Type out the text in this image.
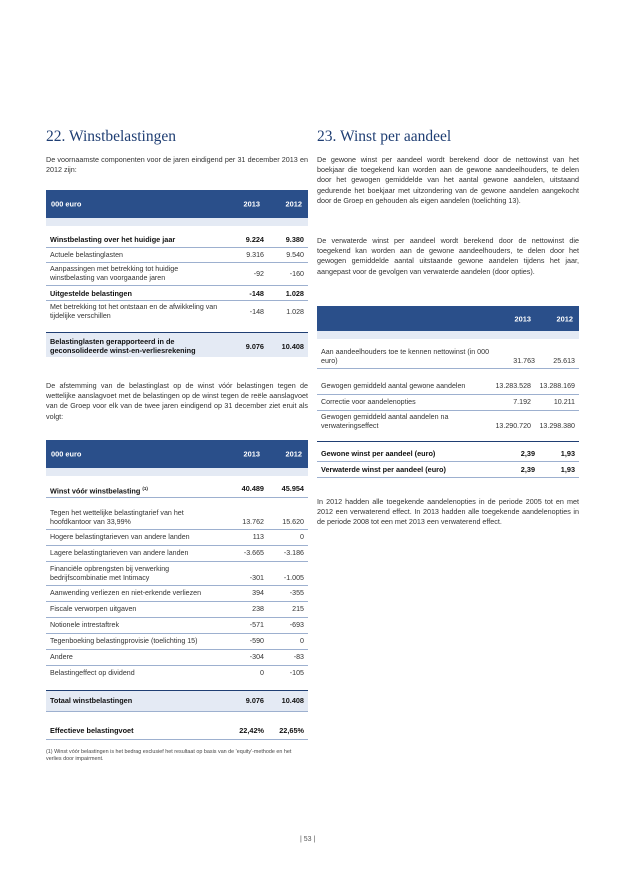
22. Winstbelastingen

De voornaamste componenten voor de jaren eindigend per 31 december 2013 en 2012 zijn:

000 euro	2013	2012
Winstbelasting over het huidige jaar	9.224	9.380
Actuele belastinglasten	9.316	9.540
Aanpassingen met betrekking tot huidige winstbelasting van voorgaande jaren	-92	-160
Uitgestelde belastingen	-148	1.028
Met betrekking tot het ontstaan en de afwikkeling van tijdelijke verschillen	-148	1.028
Belastinglasten gerapporteerd in de geconsolideerde winst-en-verliesrekening	9.076	10.408

De afstemming van de belastinglast op de winst vóór belastingen tegen de wettelijke aanslagvoet met de belastingen op de winst tegen de reële aanslagvoet van de Groep voor elk van de twee jaren eindigend op 31 december ziet eruit als volgt:

000 euro	2013	2012
Winst vóór winstbelasting $^{(1)}$	40.489	45.954
Tegen het wettelijke belastingtarief van het hoofdkantoor van 33,99%	13.762	15.620
Hogere belastingtarieven van andere landen	113	0
Lagere belastingtarieven van andere landen	-3.665	-3.186
Financiële opbrengsten bij verwerking bedrijfscombinatie met Intimacy	-301	-1.005
Aanwending verliezen en niet-erkende verliezen	394	-355
Fiscale verworpen uitgaven	238	215
Notionele intrestaftrek	-571	-693
Tegenboeking belastingprovisie (toelichting 15)	-590	0
Andere	-304	-83
Belastingeffect op dividend	0	-105
Totaal winstbelastingen	9.076	10.408
Effectieve belastingvoet	22,42%	22,65%

(1) Winst vóór belastingen is het bedrag exclusief het resultaat op basis van de 'equity'-methode en het verlies door impairment.

23. Winst per aandeel

De gewone winst per aandeel wordt berekend door de nettowinst van het boekjaar die toegekend kan worden aan de gewone aandeelhouders, te delen door het gewogen gemiddelde van het aantal gewone aandelen, uitstaand gedurende het boekjaar met uitzondering van de gewone aandelen aangekocht door de Groep en gehouden als eigen aandelen (toelichting 13).

De verwaterde winst per aandeel wordt berekend door de nettowinst die toegekend kan worden aan de gewone aandeelhouders, te delen door het gewogen gemiddelde aantal uitstaande gewone aandelen tijdens het jaar, aangepast voor de gevolgen van verwaterde aandelen (door opties).

2013	2012
Aan aandeelhouders toe te kennen nettowinst (in 000 euro)	31.763	25.613
Gewogen gemiddeld aantal gewone aandelen	13.283.528	13.288.169
Correctie voor aandelenopties	7.192	10.211
Gewogen gemiddeld aantal aandelen na verwateringseffect	13.290.720	13.298.380
Gewone winst per aandeel (euro)	2,39	1,93
Verwaterde winst per aandeel (euro)	2,39	1,93

In 2012 hadden alle toegekende aandelenopties in de periode 2005 tot en met 2012 een verwaterend effect. In 2013 hadden alle toegekende aandelenopties in de periode 2008 tot een met 2013 een verwaterend effect.

| 53 |
